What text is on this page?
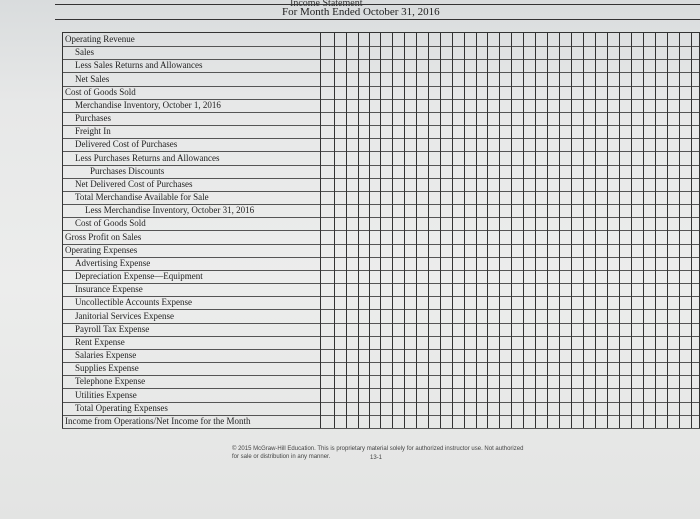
For Month Ended October 31, 2016
Operating Revenue
Sales
Less Sales Returns and Allowances
Net Sales
Cost of Goods Sold
Merchandise Inventory, October 1, 2016
Purchases
Freight In
Delivered Cost of Purchases
Less Purchases Returns and Allowances
Purchases Discounts
Net Delivered Cost of Purchases
Total Merchandise Available for Sale
Less Merchandise Inventory, October 31, 2016
Cost of Goods Sold
Gross Profit on Sales
Operating Expenses
Advertising Expense
Depreciation Expense—Equipment
Insurance Expense
Uncollectible Accounts Expense
Janitorial Services Expense
Payroll Tax Expense
Rent Expense
Salaries Expense
Supplies Expense
Telephone Expense
Utilities Expense
Total Operating Expenses
Income from Operations/Net Income for the Month
© 2015 McGraw-Hill Education. This is proprietary material solely for authorized instructor use. Not authorized for sale or distribution in any manner.	13-1
